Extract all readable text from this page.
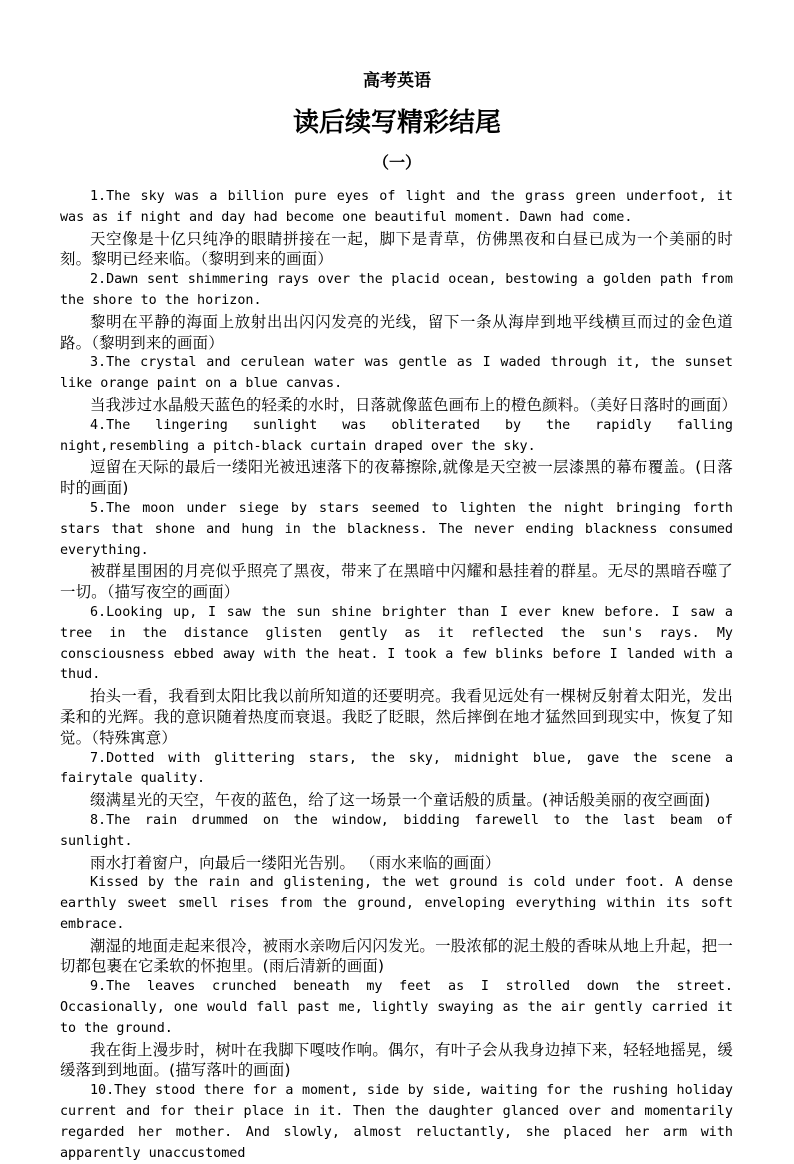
高考英语
读后续写精彩结尾
（一）

1.The sky was a billion pure eyes of light and the grass green underfoot, it was as if night and day had become one beautiful moment. Dawn had come.

天空像是十亿只纯净的眼睛拼接在一起，脚下是青草，仿佛黑夜和白昼已成为一个美丽的时刻。黎明已经来临。（黎明到来的画面）

2.Dawn sent shimmering rays over the placid ocean, bestowing a golden path from the shore to the horizon.

黎明在平静的海面上放射出出闪闪发亮的光线，留下一条从海岸到地平线横亘而过的金色道路。（黎明到来的画面）

3.The crystal and cerulean water was gentle as I waded through it, the sunset like orange paint on a blue canvas.

当我涉过水晶般天蓝色的轻柔的水时，日落就像蓝色画布上的橙色颜料。（美好日落时的画面）

4.The lingering sunlight was obliterated by the rapidly falling night,resembling a pitch-black curtain draped over the sky.

逗留在天际的最后一缕阳光被迅速落下的夜幕擦除,就像是天空被一层漆黑的幕布覆盖。(日落时的画面)

5.The moon under siege by stars seemed to lighten the night bringing forth stars that shone and hung in the blackness. The never ending blackness consumed everything.

被群星围困的月亮似乎照亮了黑夜，带来了在黑暗中闪耀和悬挂着的群星。无尽的黑暗吞噬了一切。（描写夜空的画面）

6.Looking up, I saw the sun shine brighter than I ever knew before. I saw a tree in the distance glisten gently as it reflected the sun's rays. My consciousness ebbed away with the heat. I took a few blinks before I landed with a thud.

抬头一看，我看到太阳比我以前所知道的还要明亮。我看见远处有一棵树反射着太阳光，发出柔和的光辉。我的意识随着热度而衰退。我眨了眨眼，然后摔倒在地才猛然回到现实中，恢复了知觉。（特殊寓意）

7.Dotted with glittering stars, the sky, midnight blue, gave the scene a fairytale quality.

缀满星光的天空，午夜的蓝色，给了这一场景一个童话般的质量。(神话般美丽的夜空画面)

8.The rain drummed on the window, bidding farewell to the last beam of sunlight.

雨水打着窗户，向最后一缕阳光告别。 （雨水来临的画面）

Kissed by the rain and glistening, the wet ground is cold under foot. A dense earthly sweet smell rises from the ground, enveloping everything within its soft embrace.

潮湿的地面走起来很冷，被雨水亲吻后闪闪发光。一股浓郁的泥土般的香味从地上升起，把一切都包裹在它柔软的怀抱里。(雨后清新的画面)

9.The leaves crunched beneath my feet as I strolled down the street. Occasionally, one would fall past me, lightly swaying as the air gently carried it to the ground.

我在街上漫步时，树叶在我脚下嘎吱作响。偶尔，有叶子会从我身边掉下来，轻轻地摇晃，缓缓落到到地面。(描写落叶的画面)

10.They stood there for a moment, side by side, waiting for the rushing holiday current and for their place in it. Then the daughter glanced over and momentarily regarded her mother. And slowly, almost reluctantly, she placed her arm with apparently unaccustomed
